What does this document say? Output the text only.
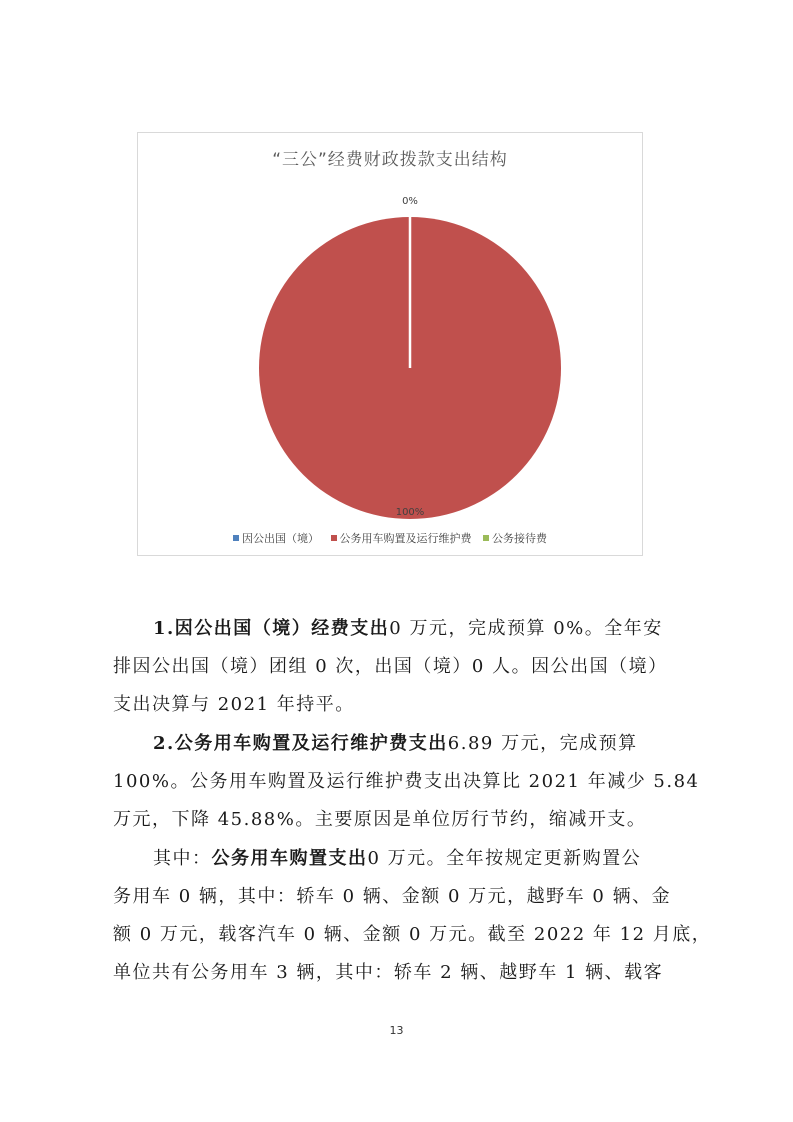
“三公”经费财政拨款支出结构
0%
100%
因公出国（境） 公务用车购置及运行维护费 公务接待费
1.因公出国（境）经费支出0 万元，完成预算 0%。全年安
排因公出国（境）团组 0 次，出国（境）0 人。因公出国（境）
支出决算与 2021 年持平。
2.公务用车购置及运行维护费支出6.89 万元，完成预算
100%。公务用车购置及运行维护费支出决算比 2021 年减少 5.84
万元，下降 45.88%。主要原因是单位厉行节约，缩减开支。
其中：公务用车购置支出0 万元。全年按规定更新购置公
务用车 0 辆，其中：轿车 0 辆、金额 0 万元，越野车 0 辆、金
额 0 万元，载客汽车 0 辆、金额 0 万元。截至 2022 年 12 月底，
单位共有公务用车 3 辆，其中：轿车 2 辆、越野车 1 辆、载客
13
